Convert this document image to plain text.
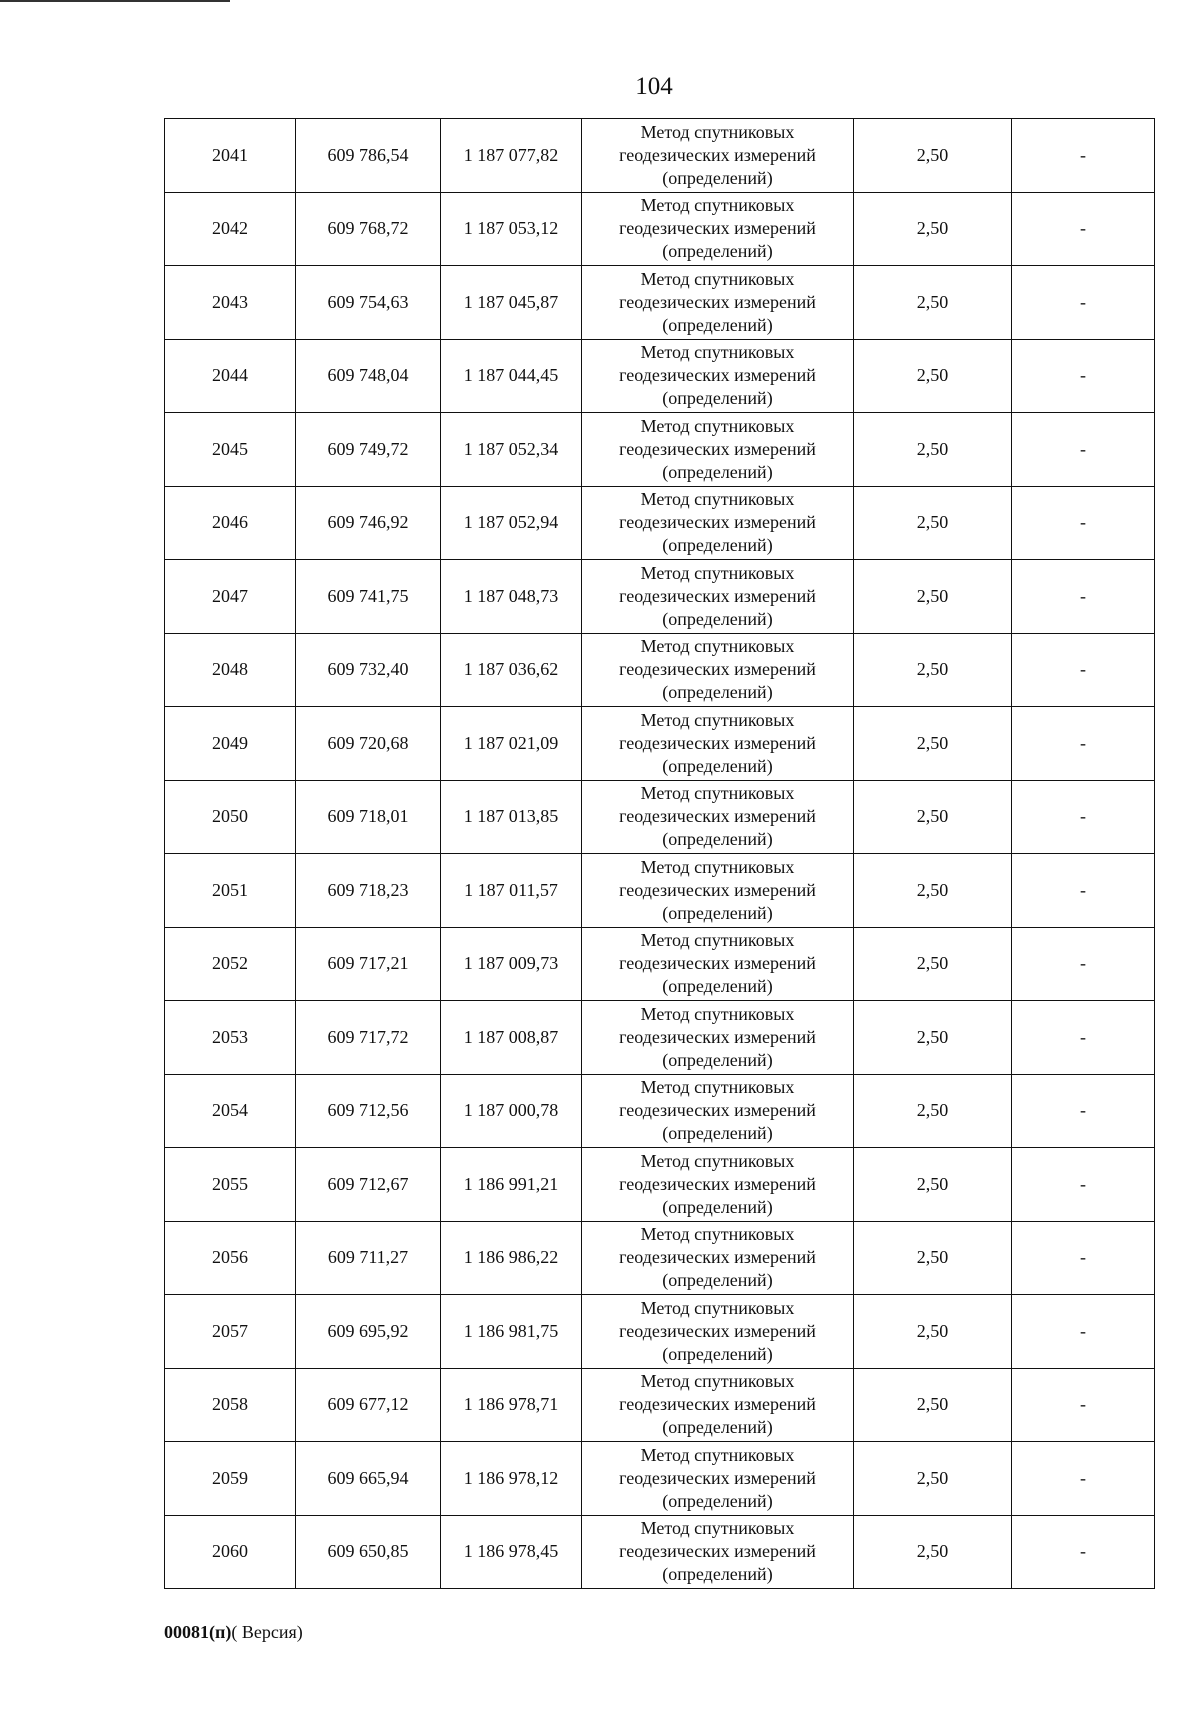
104
2041	609 786,54	1 187 077,82	Метод спутниковых
геодезических измерений
(определений)	2,50	-
2042	609 768,72	1 187 053,12	Метод спутниковых
геодезических измерений
(определений)	2,50	-
2043	609 754,63	1 187 045,87	Метод спутниковых
геодезических измерений
(определений)	2,50	-
2044	609 748,04	1 187 044,45	Метод спутниковых
геодезических измерений
(определений)	2,50	-
2045	609 749,72	1 187 052,34	Метод спутниковых
геодезических измерений
(определений)	2,50	-
2046	609 746,92	1 187 052,94	Метод спутниковых
геодезических измерений
(определений)	2,50	-
2047	609 741,75	1 187 048,73	Метод спутниковых
геодезических измерений
(определений)	2,50	-
2048	609 732,40	1 187 036,62	Метод спутниковых
геодезических измерений
(определений)	2,50	-
2049	609 720,68	1 187 021,09	Метод спутниковых
геодезических измерений
(определений)	2,50	-
2050	609 718,01	1 187 013,85	Метод спутниковых
геодезических измерений
(определений)	2,50	-
2051	609 718,23	1 187 011,57	Метод спутниковых
геодезических измерений
(определений)	2,50	-
2052	609 717,21	1 187 009,73	Метод спутниковых
геодезических измерений
(определений)	2,50	-
2053	609 717,72	1 187 008,87	Метод спутниковых
геодезических измерений
(определений)	2,50	-
2054	609 712,56	1 187 000,78	Метод спутниковых
геодезических измерений
(определений)	2,50	-
2055	609 712,67	1 186 991,21	Метод спутниковых
геодезических измерений
(определений)	2,50	-
2056	609 711,27	1 186 986,22	Метод спутниковых
геодезических измерений
(определений)	2,50	-
2057	609 695,92	1 186 981,75	Метод спутниковых
геодезических измерений
(определений)	2,50	-
2058	609 677,12	1 186 978,71	Метод спутниковых
геодезических измерений
(определений)	2,50	-
2059	609 665,94	1 186 978,12	Метод спутниковых
геодезических измерений
(определений)	2,50	-
2060	609 650,85	1 186 978,45	Метод спутниковых
геодезических измерений
(определений)	2,50	-
00081(п)( Версия)
